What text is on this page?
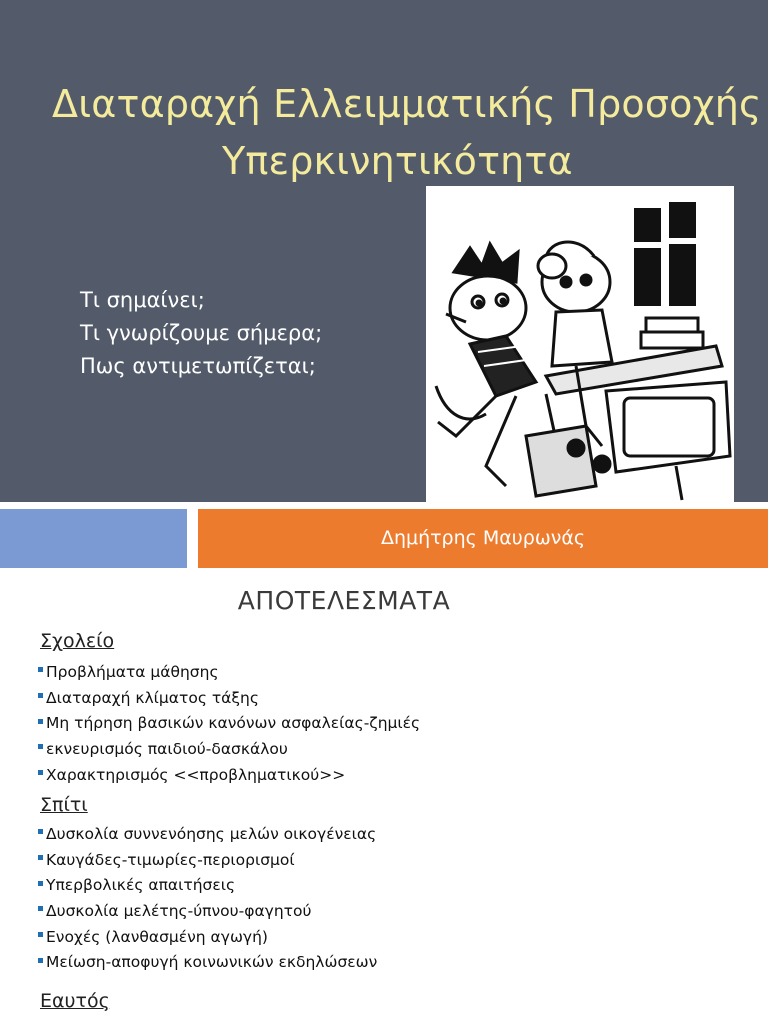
Διαταραχή Ελλειμματικής Προσοχής
Υπερκινητικότητα
Τι σημαίνει;
Τι γνωρίζουμε σήμερα;
Πως αντιμετωπίζεται;
Δημήτρης Μαυρωνάς
ΑΠΟΤΕΛΕΣΜΑΤΑ
Σχολείο
Προβλήματα μάθησης
Διαταραχή κλίματος τάξης
Μη τήρηση βασικών κανόνων ασφαλείας-ζημιές
εκνευρισμός παιδιού-δασκάλου
Χαρακτηρισμός <<προβληματικού>>
Σπίτι
Δυσκολία συννενόησης μελών οικογένειας
Καυγάδες-τιμωρίες-περιορισμοί
Υπερβολικές απαιτήσεις
Δυσκολία μελέτης-ύπνου-φαγητού
Ενοχές (λανθασμένη αγωγή)
Μείωση-αποφυγή κοινωνικών εκδηλώσεων
Εαυτός
